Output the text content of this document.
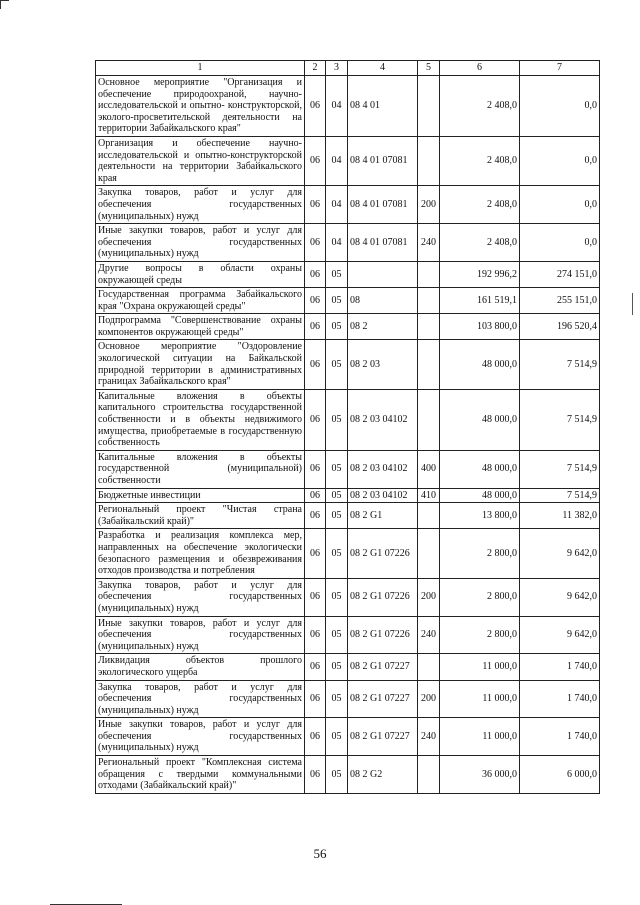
1	2	3	4	5	6	7
Основное мероприятие "Организация и обеспечение природоохраной, научно-исследовательской и опытно- конструкторской, эколого-просветительской деятельности на территории Забайкальского края"	06	04	08 4 01		2 408,0	0,0
Организация и обеспечение научно-исследовательской и опытно-конструкторской деятельности на территории Забайкальского края	06	04	08 4 01 07081		2 408,0	0,0
Закупка товаров, работ и услуг для обеспечения государственных (муниципальных) нужд	06	04	08 4 01 07081	200	2 408,0	0,0
Иные закупки товаров, работ и услуг для обеспечения государственных (муниципальных) нужд	06	04	08 4 01 07081	240	2 408,0	0,0
Другие вопросы в области охраны окружающей среды	06	05			192 996,2	274 151,0
Государственная программа Забайкальского края "Охрана окружающей среды"	06	05	08		161 519,1	255 151,0
Подпрограмма "Совершенствование охраны компонентов окружающей среды"	06	05	08 2		103 800,0	196 520,4
Основное мероприятие "Оздоровление экологической ситуации на Байкальской природной территории в административных границах Забайкальского края"	06	05	08 2 03		48 000,0	7 514,9
Капитальные вложения в объекты капитального строительства государственной собственности и в объекты недвижимого имущества, приобретаемые в государственную собственность	06	05	08 2 03 04102		48 000,0	7 514,9
Капитальные вложения в объекты государственной (муниципальной) собственности	06	05	08 2 03 04102	400	48 000,0	7 514,9
Бюджетные инвестиции	06	05	08 2 03 04102	410	48 000,0	7 514,9
Региональный проект "Чистая страна (Забайкальский край)"	06	05	08 2 G1		13 800,0	11 382,0
Разработка и реализация комплекса мер, направленных на обеспечение экологически безопасного размещения и обезвреживания отходов производства и потребления	06	05	08 2 G1 07226		2 800,0	9 642,0
Закупка товаров, работ и услуг для обеспечения государственных (муниципальных) нужд	06	05	08 2 G1 07226	200	2 800,0	9 642,0
Иные закупки товаров, работ и услуг для обеспечения государственных (муниципальных) нужд	06	05	08 2 G1 07226	240	2 800,0	9 642,0
Ликвидация объектов прошлого экологического ущерба	06	05	08 2 G1 07227		11 000,0	1 740,0
Закупка товаров, работ и услуг для обеспечения государственных (муниципальных) нужд	06	05	08 2 G1 07227	200	11 000,0	1 740,0
Иные закупки товаров, работ и услуг для обеспечения государственных (муниципальных) нужд	06	05	08 2 G1 07227	240	11 000,0	1 740,0
Региональный проект "Комплексная система обращения с твердыми коммунальными отходами (Забайкальский край)"	06	05	08 2 G2		36 000,0	6 000,0
56
